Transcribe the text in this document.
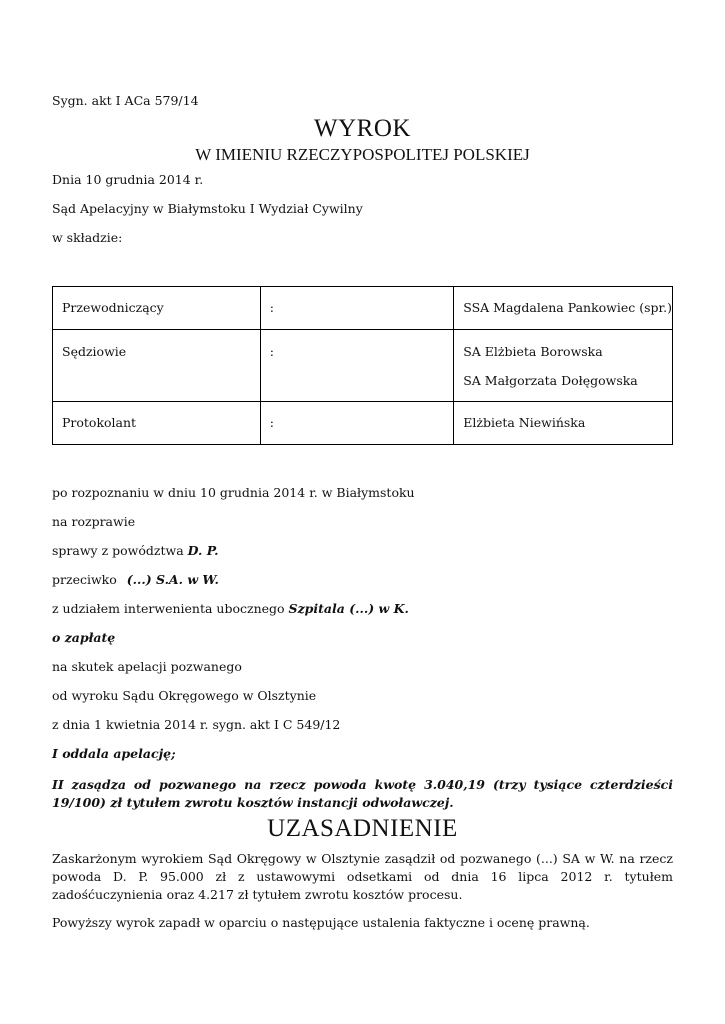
Sygn. akt I ACa 579/14
WYROK
W IMIENIU RZECZYPOSPOLITEJ POLSKIEJ
Dnia 10 grudnia 2014 r.
Sąd Apelacyjny w Białymstoku I Wydział Cywilny
w składzie:
Przewodniczący	:	SSA Magdalena Pankowiec (spr.)

Sędziowie	:	SA Elżbieta Borowska
SA Małgorzata Dołęgowska

Protokolant	:	Elżbieta Niewińska
po rozpoznaniu w dniu 10 grudnia 2014 r. w Białymstoku
na rozprawie
sprawy z powództwa D. P.
przeciwko (...) S.A. w W.
z udziałem interwenienta ubocznego Szpitala (...) w K.
o zapłatę
na skutek apelacji pozwanego
od wyroku Sądu Okręgowego w Olsztynie
z dnia 1 kwietnia 2014 r. sygn. akt I C 549/12
I oddala apelację;
II zasądza od pozwanego na rzecz powoda kwotę 3.040,19 (trzy tysiące czterdzieści 19/100) zł tytułem zwrotu kosztów instancji odwoławczej.
UZASADNIENIE
Zaskarżonym wyrokiem Sąd Okręgowy w Olsztynie zasądził od pozwanego (...) SA w W. na rzecz powoda D. P. 95.000 zł z ustawowymi odsetkami od dnia 16 lipca 2012 r. tytułem zadośćuczynienia oraz 4.217 zł tytułem zwrotu kosztów procesu.
Powyższy wyrok zapadł w oparciu o następujące ustalenia faktyczne i ocenę prawną.
